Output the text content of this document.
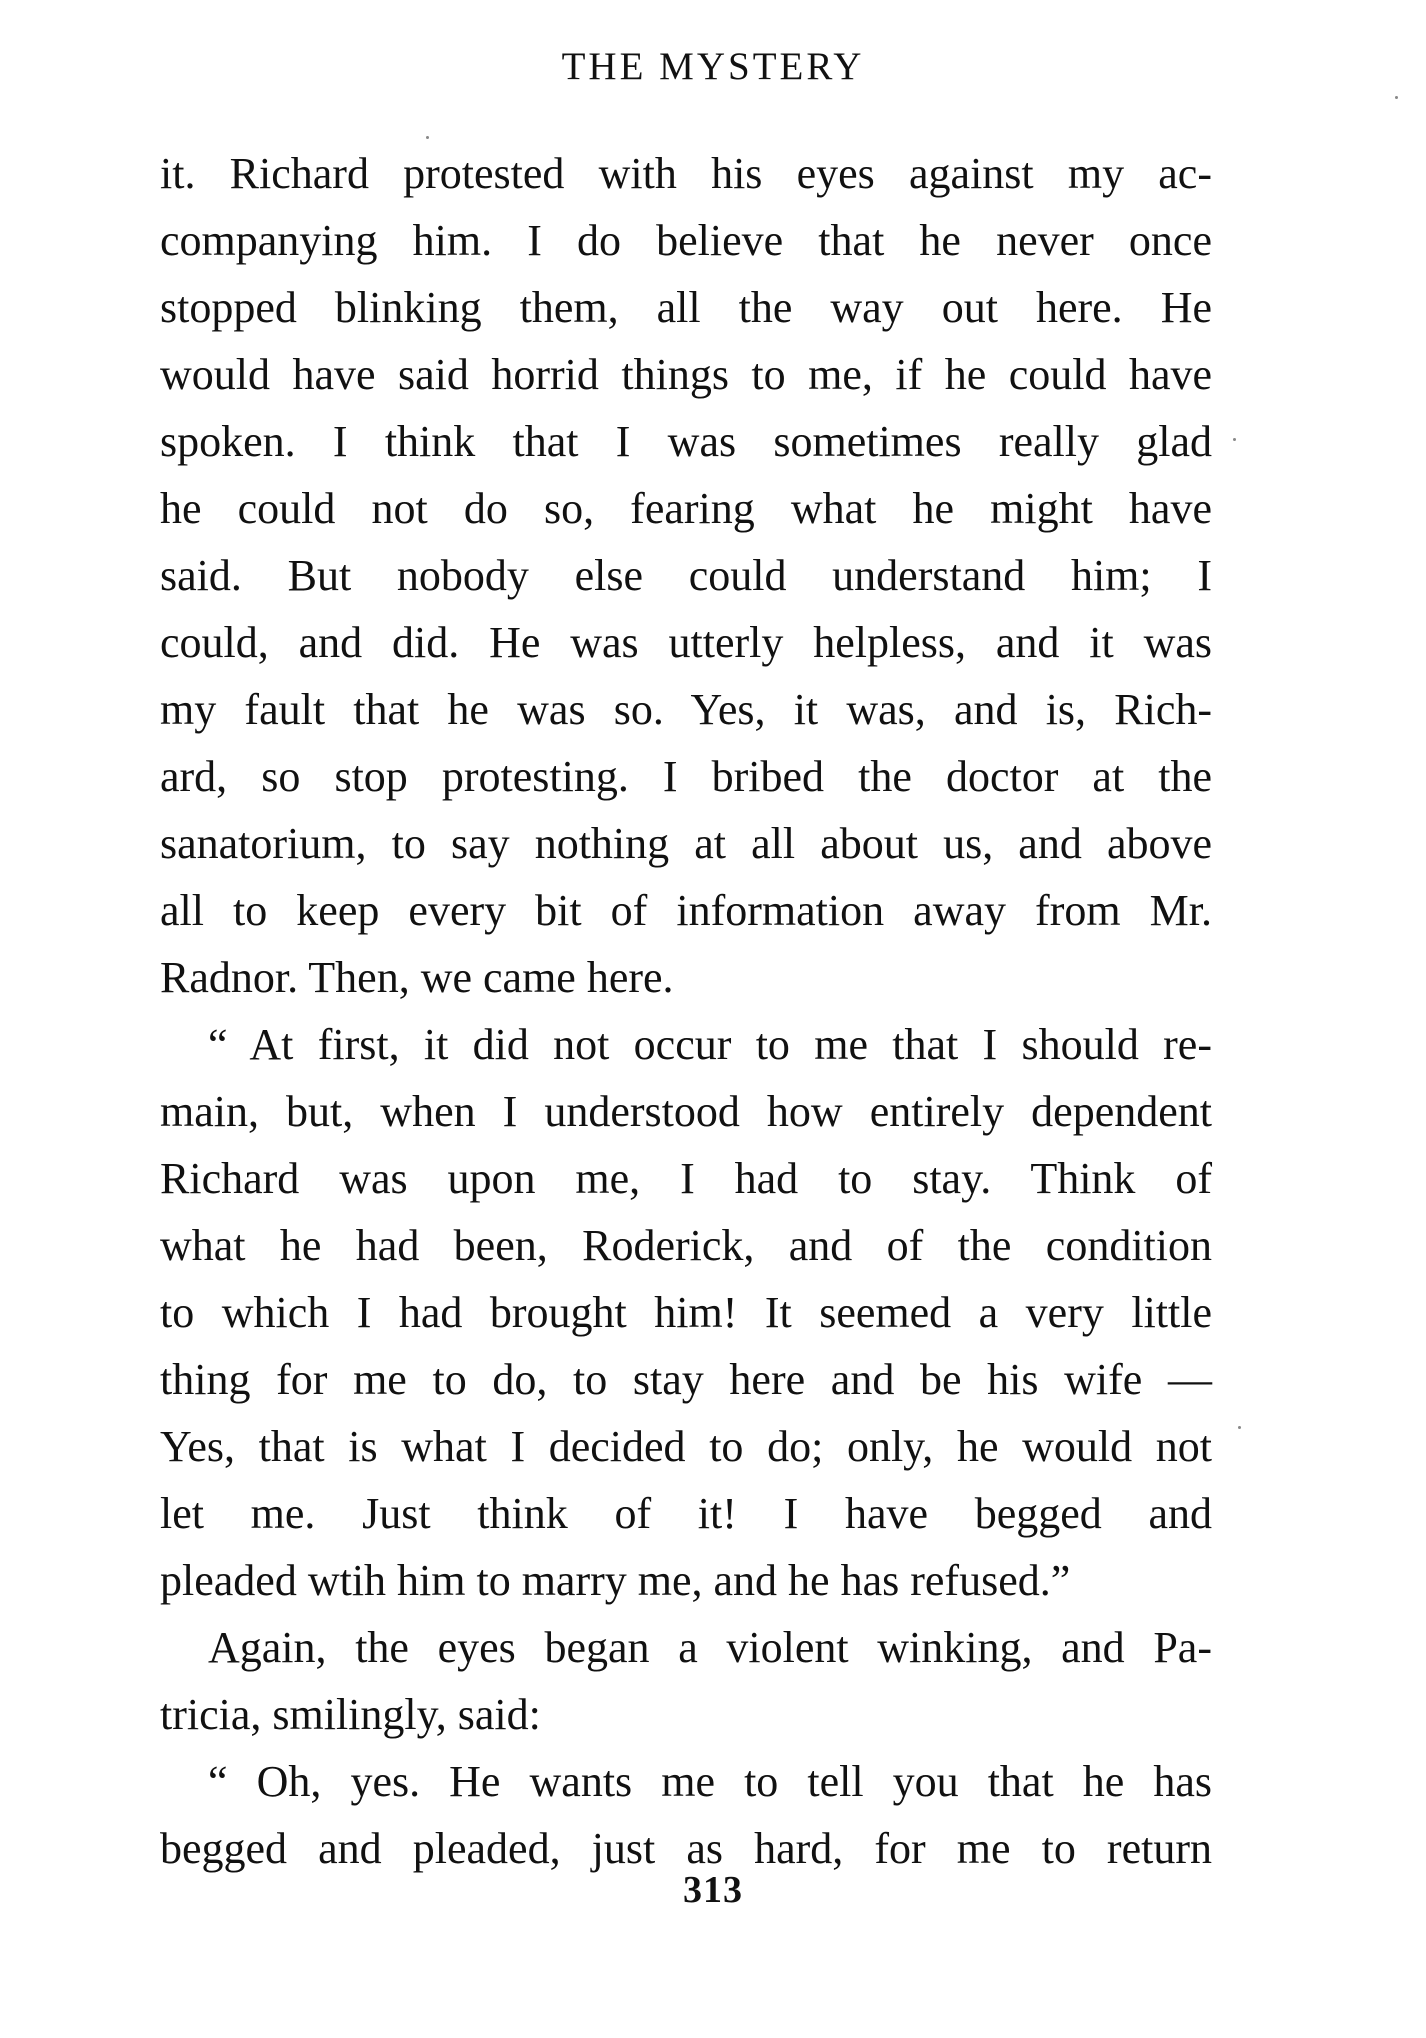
THE MYSTERY
it. Richard protested with his eyes against my ac-
companying him. I do believe that he never once
stopped blinking them, all the way out here. He
would have said horrid things to me, if he could have
spoken. I think that I was sometimes really glad
he could not do so, fearing what he might have
said. But nobody else could understand him; I
could, and did. He was utterly helpless, and it was
my fault that he was so. Yes, it was, and is, Rich-
ard, so stop protesting. I bribed the doctor at the
sanatorium, to say nothing at all about us, and above
all to keep every bit of information away from Mr.
Radnor. Then, we came here.
“ At first, it did not occur to me that I should re-
main, but, when I understood how entirely dependent
Richard was upon me, I had to stay. Think of
what he had been, Roderick, and of the condition
to which I had brought him! It seemed a very little
thing for me to do, to stay here and be his wife —
Yes, that is what I decided to do; only, he would not
let me. Just think of it! I have begged and
pleaded wtih him to marry me, and he has refused.”
Again, the eyes began a violent winking, and Pa-
tricia, smilingly, said:
“ Oh, yes. He wants me to tell you that he has
begged and pleaded, just as hard, for me to return
313
